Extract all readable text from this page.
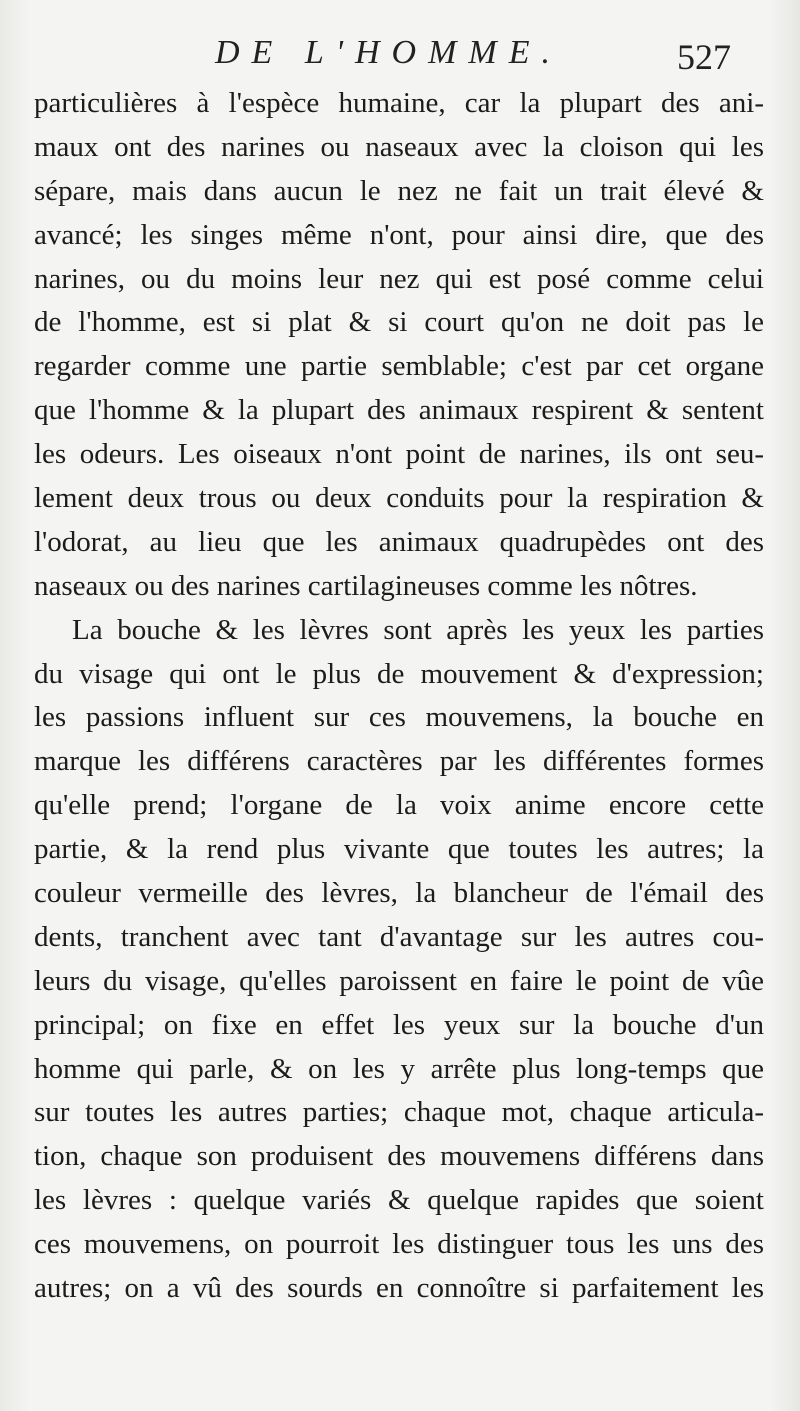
DE L'HOMME.	527
particulières à l'espèce humaine, car la plupart des ani-
maux ont des narines ou naseaux avec la cloison qui les
sépare, mais dans aucun le nez ne fait un trait élevé &
avancé; les singes même n'ont, pour ainsi dire, que des
narines, ou du moins leur nez qui est posé comme celui
de l'homme, est si plat & si court qu'on ne doit pas le
regarder comme une partie semblable; c'est par cet organe
que l'homme & la plupart des animaux respirent & sentent
les odeurs. Les oiseaux n'ont point de narines, ils ont seu-
lement deux trous ou deux conduits pour la respiration &
l'odorat, au lieu que les animaux quadrupèdes ont des
naseaux ou des narines cartilagineuses comme les nôtres.
La bouche & les lèvres sont après les yeux les parties
du visage qui ont le plus de mouvement & d'expression;
les passions influent sur ces mouvemens, la bouche en
marque les différens caractères par les différentes formes
qu'elle prend; l'organe de la voix anime encore cette
partie, & la rend plus vivante que toutes les autres; la
couleur vermeille des lèvres, la blancheur de l'émail des
dents, tranchent avec tant d'avantage sur les autres cou-
leurs du visage, qu'elles paroissent en faire le point de vûe
principal; on fixe en effet les yeux sur la bouche d'un
homme qui parle, & on les y arrête plus long-temps que
sur toutes les autres parties; chaque mot, chaque articula-
tion, chaque son produisent des mouvemens différens dans
les lèvres : quelque variés & quelque rapides que soient
ces mouvemens, on pourroit les distinguer tous les uns des
autres; on a vû des sourds en connoître si parfaitement les
